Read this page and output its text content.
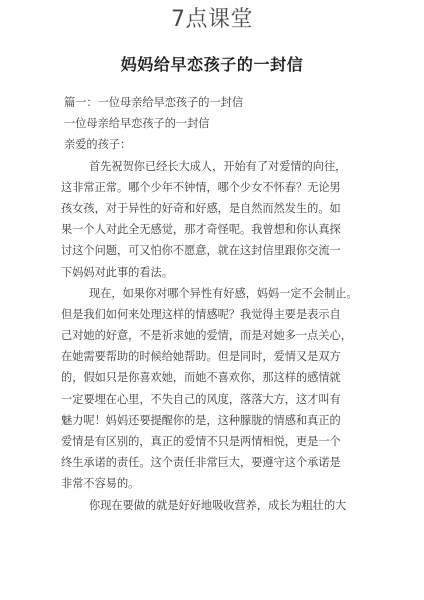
7点课堂
妈妈给早恋孩子的一封信
篇一：一位母亲给早恋孩子的一封信
一位母亲给早恋孩子的一封信
亲爱的孩子：
首先祝贺你已经长大成人，开始有了对爱情的向往，
这非常正常。哪个少年不钟情，哪个少女不怀春？无论男
孩女孩，对于异性的好奇和好感，是自然而然发生的。如
果一个人对此全无感觉，那才奇怪呢。我曾想和你认真探
讨这个问题，可又怕你不愿意，就在这封信里跟你交流一
下妈妈对此事的看法。
现在，如果你对哪个异性有好感，妈妈一定不会制止。
但是我们如何来处理这样的情感呢？我觉得主要是表示自
己对她的好意，不是祈求她的爱情，而是对她多一点关心，
在她需要帮助的时候给她帮助。但是同时，爱情又是双方
的，假如只是你喜欢她，而她不喜欢你，那这样的感情就
一定要埋在心里，不失自己的风度，落落大方，这才叫有
魅力呢！妈妈还要提醒你的是，这种朦胧的情感和真正的
爱情是有区别的，真正的爱情不只是两情相悦，更是一个
终生承诺的责任。这个责任非常巨大，要遵守这个承诺是
非常不容易的。
你现在要做的就是好好地吸收营养，成长为粗壮的大
